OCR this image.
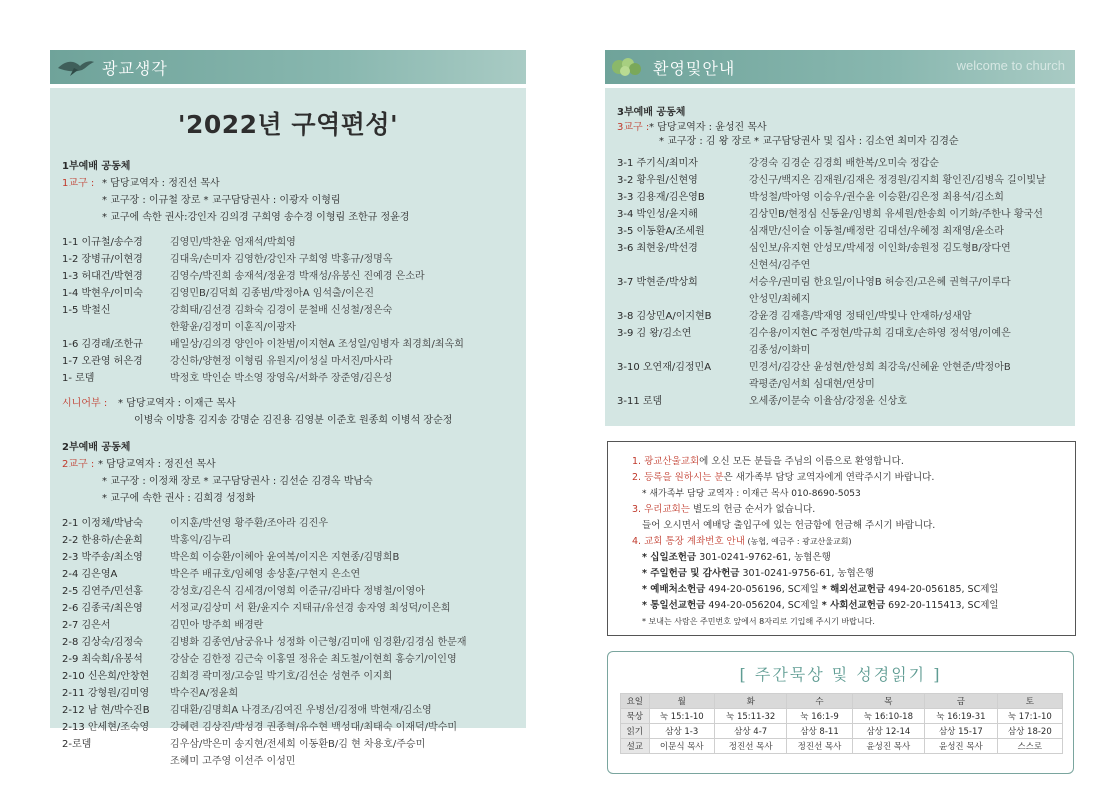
광교생각
'2022년 구역편성'
1부예배 공동체
1교구 : * 담당교역자 : 정진선 목사
* 교구장 : 이규철 장로 * 교구담당권사 : 이광자 이형림
* 교구에 속한 권사:강인자 김의경 구희영 송수경 이형림 조한규 정윤경
1-1 이규철/송수경	김영민/박찬윤 엄재석/박희영
1-2 장병규/이현경	김대욱/손미자 김영한/강인자 구희영 박홍규/정명옥
1-3 허대건/박현경	김영수/박진희 송재석/정윤경 박재성/유봉신 진예경 은소라
1-4 박현우/이미숙	김영민B/김덕희 김종범/박정아A 임석출/이은진
1-5 박철신	강희태/김선경 김화숙 김경이 문철배 신성철/정은숙
한황윤/김정미 이훈직/이광자
1-6 김경래/조한규	배일상/김의경 양인아 이찬범/이지현A 조성일/임병자 최경희/최옥희
1-7 오관영 허은경	강신하/양현정 이형림 유원지/이성실 마서진/마사라
1- 로뎀	박정호 박인순 박소영 장영옥/서화주 장준영/김은성
시니어부 :	* 담당교역자 : 이재근 목사
이병숙 이방흥 김지송 강명순 김진용 김영분 이준호 원종희 이병석 장순정
2부예배 공동체
2교구 : * 담당교역자 : 정진선 목사
* 교구장 : 이정채 장로 * 교구담당권사 : 김선순 김경옥 박남숙
* 교구에 속한 권사 : 김희경 성정화
2-1 이정채/박남숙	이지훈/박선영 황주환/조아라 김진우
2-2 한용하/손윤희	박홍익/김누리
2-3 박주송/최소영	박은희 이승환/이혜아 윤여복/이지은 지현종/김명희B
2-4 김은영A	박은주 배규호/임혜영 송상훈/구현지 은소연
2-5 김연주/민선홍	강성호/김은식 김세경/이영희 이준규/김바다 정병철/이영아
2-6 김종국/최은영	서정교/김상미 서 환/윤지수 지태규/유선경 송자영 최성덕/이은희
2-7 김은서	김민아 방주희 배경란
2-8 김상숙/김정숙	김병화 김종연/남궁유나 성정화 이근형/김미애 임경환/김경심 한문재
2-9 최숙희/유봉석	강삼순 김한정 김근숙 이홍열 정유순 최도철/이현희 홍승기/이인영
2-10 신은희/안창현	김희경 곽미정/고승일 박기호/김선순 성현주 이지희
2-11 강형원/김미영	박수진A/정윤희
2-12 남 현/박수진B	김대환/김명희A 나경조/김여진 우병선/김정애 박현재/김소영
2-13 안세현/조숙영	강혜련 김상진/박성경 권종혁/유수현 백성대/최태숙 이재덕/박수미
2-로뎀	김우삼/박은미 송지현/전세희 이동환B/김 현 차용호/주승미
조혜미 고주영 이선주 이성민
환영및안내	welcome to church
3부예배 공동체
3교구 : * 담당교역자 : 윤성진 목사
* 교구장 : 김 왕 장로 * 교구담당권사 및 집사 : 김소연 최미자 김경순
3-1 주기식/최미자	강경숙 김경순 김경희 배한복/오미숙 정갑순
3-2 황우원/신현영	강신구/백지은 김재원/김재은 정경원/김지희 황인진/김병옥 길이빛날
3-3 김용재/김은영B	박성철/박아영 이승우/권수윤 이승환/김은정 최용석/김소희
3-4 박인성/윤지해	김상민B/현정심 신동윤/임병희 유세원/한송희 이기화/주한나 황국선
3-5 이동환A/조세원	심재만/신이슬 이동철/배정란 김대선/우혜정 최재영/윤소라
3-6 최현웅/박선경	심인보/유지현 안성모/박세정 이인화/송원정 김도형B/장다연
신현석/김주연
3-7 박현준/박상희	서승우/권미림 한요일/이나영B 허승진/고은혜 권혁구/이루다
안성민/최혜지
3-8 김상민A/이지현B	강윤경 김재흥/박재영 정태인/박빛나 안재하/성새암
3-9 김 왕/김소연	김수용/이지현C 주정현/박규희 김대호/손하영 정석영/이예은
김종성/이화미
3-10 오연재/김정민A	민경서/김강산 윤성현/한성희 최강욱/신혜윤 안현준/박정아B
곽평준/임서희 심대현/연상미
3-11 로뎀	오세종/이문숙 이율삼/강정윤 신상호
1. 광교산울교회에 오신 모든 분들을 주님의 이름으로 환영합니다.
2. 등록을 원하시는 분은 새가족부 담당 교역자에게 연락주시기 바랍니다.
* 새가족부 담당 교역자 : 이재근 목사 010-8690-5053
3. 우리교회는 별도의 헌금 순서가 없습니다.
들어 오시면서 예배당 출입구에 있는 헌금함에 헌금해 주시기 바랍니다.
4. 교회 통장 계좌번호 안내 (농협, 예금주 : 광교산울교회)
* 십일조헌금 301-0241-9762-61, 농협은행
* 주일헌금 및 감사헌금 301-0241-9756-61, 농협은행
* 예배처소헌금 494-20-056196, SC제일 * 해외선교헌금 494-20-056185, SC제일
* 통일선교헌금 494-20-056204, SC제일 * 사회선교헌금 692-20-115413, SC제일
* 보내는 사람은 주민번호 앞에서 8자리로 기입해 주시기 바랍니다.
[ 주간묵상 및 성경읽기 ]
요일	월	화	수	목	금	토
묵상	눅 15:1-10	눅 15:11-32	눅 16:1-9	눅 16:10-18	눅 16:19-31	눅 17:1-10
읽기	삼상 1-3	삼상 4-7	삼상 8-11	삼상 12-14	삼상 15-17	삼상 18-20
설교	이문식 목사	정진선 목사	정진선 목사	윤성진 목사	윤성진 목사	스스로
